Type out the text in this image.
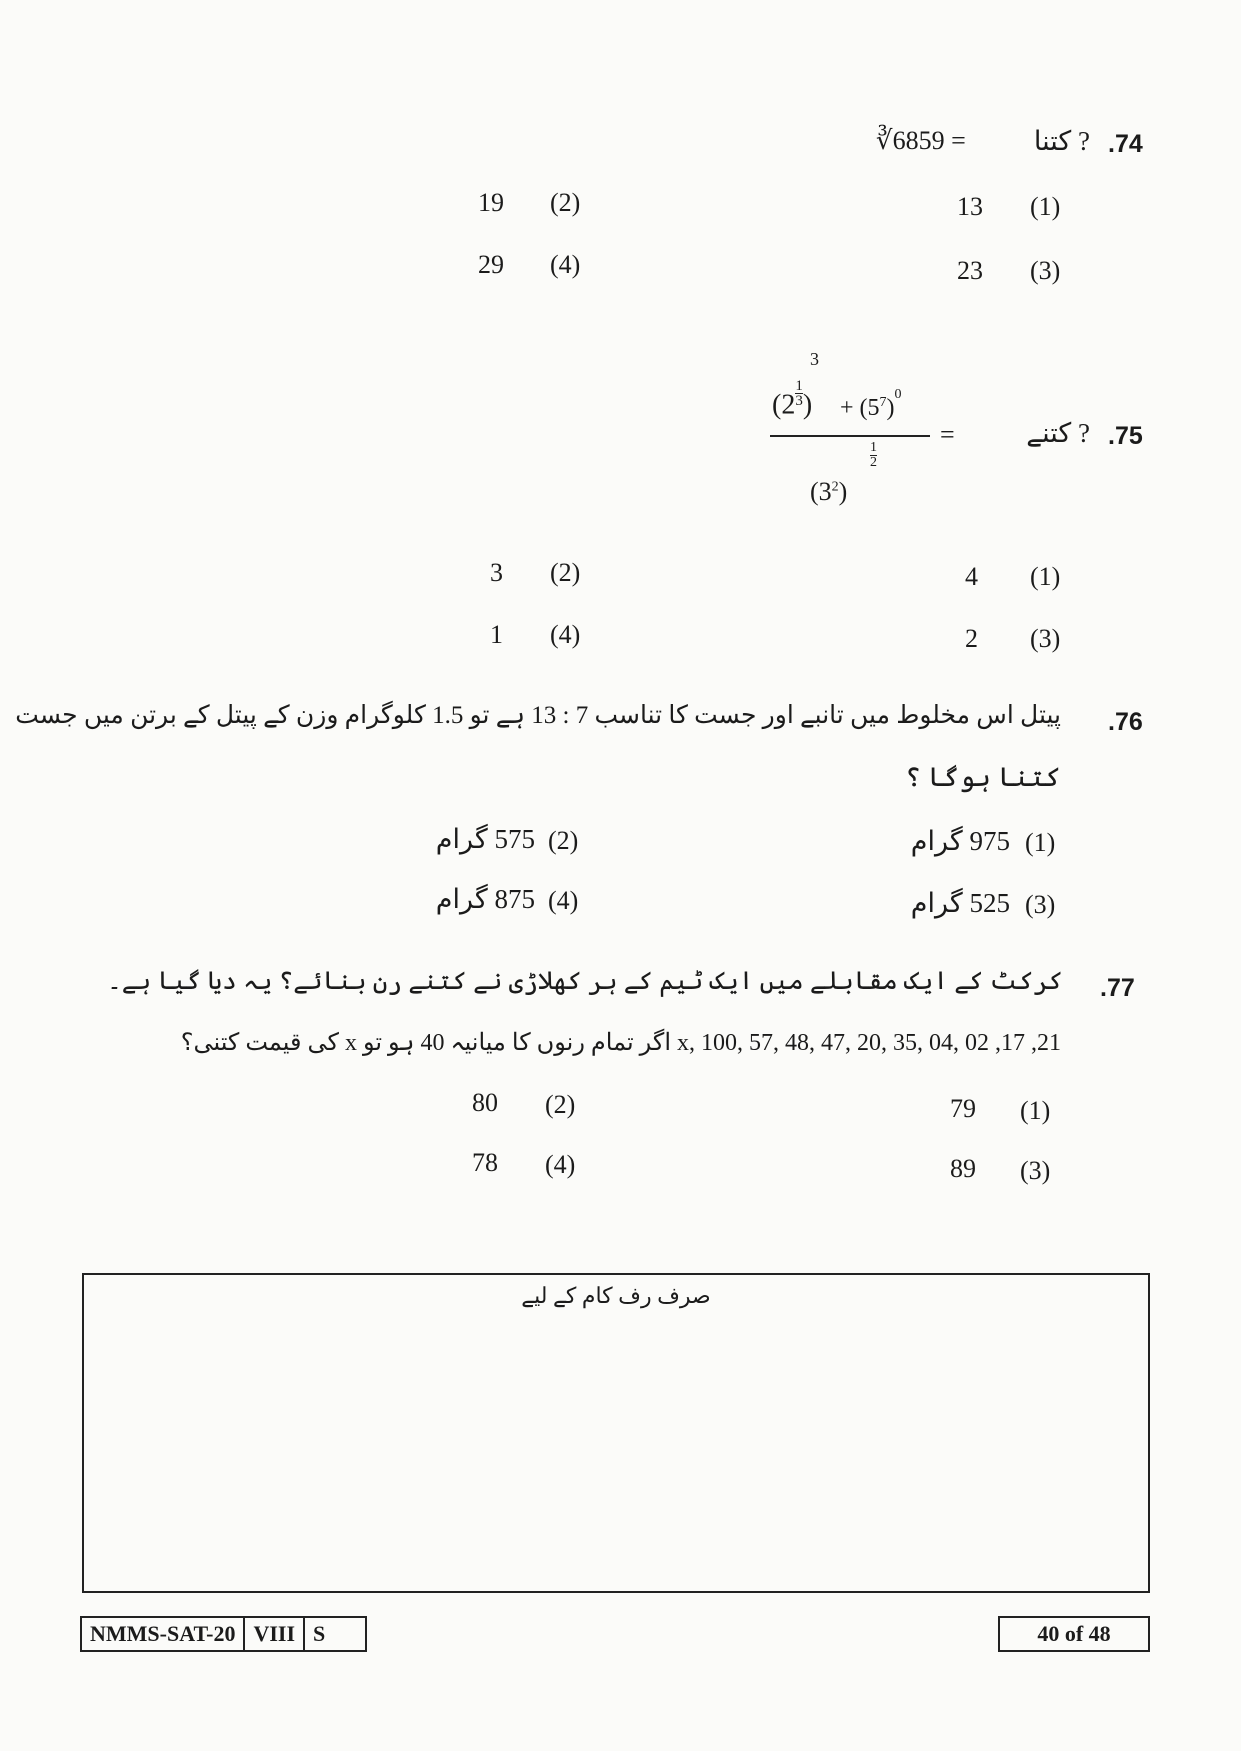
.74
? کتنا
∛6859 =
(1)
13
(2)
19
(3)
23
(4)
29
.75
? کتنے
=
(2 $^{\frac{1}{3}}$ )
3
+ $(5^7)^0$
$\frac{1}{2}$
$(3^2)$
(1)
4
(2)
3
(3)
2
(4)
1
.76
پیتل اس مخلوط میں تانبے اور جست کا تناسب 7 : 13 ہے تو 1.5 کلوگرام وزن کے پیتل کے برتن میں جست
کتنا ہوگا ؟
(1)
975 گرام
(2)
575 گرام
(3)
525 گرام
(4)
875 گرام
.77
کرکٹ کے ایک مقابلے میں ایک ٹیم کے ہر کھلاڑی نے کتنے رن بنائے؟ یہ دیا گیا ہے۔
21, 17, x, 100, 57, 48, 47, 20, 35, 04, 02 اگر تمام رنوں کا میانیہ 40 ہو تو x کی قیمت کتنی؟
(1)
79
(2)
80
(3)
89
(4)
78
صرف رف کام کے لیے
NMMS-SAT-20 VIII S	40 of 48
